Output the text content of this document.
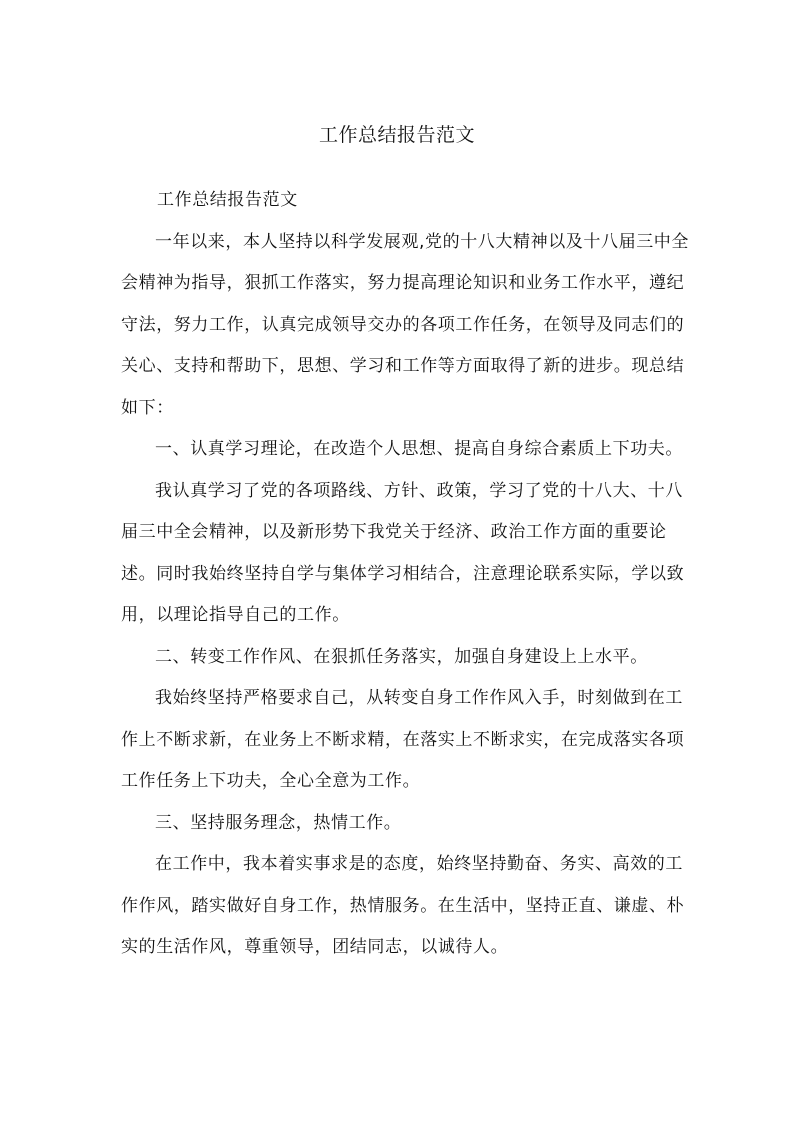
工作总结报告范文

工作总结报告范文

一年以来，本人坚持以科学发展观,党的十八大精神以及十八届三中全会精神为指导，狠抓工作落实，努力提高理论知识和业务工作水平，遵纪守法，努力工作，认真完成领导交办的各项工作任务，在领导及同志们的关心、支持和帮助下，思想、学习和工作等方面取得了新的进步。现总结如下：

一、认真学习理论，在改造个人思想、提高自身综合素质上下功夫。

我认真学习了党的各项路线、方针、政策，学习了党的十八大、十八届三中全会精神，以及新形势下我党关于经济、政治工作方面的重要论述。同时我始终坚持自学与集体学习相结合，注意理论联系实际，学以致用，以理论指导自己的工作。

二、转变工作作风、在狠抓任务落实，加强自身建设上上水平。

我始终坚持严格要求自己，从转变自身工作作风入手，时刻做到在工作上不断求新，在业务上不断求精，在落实上不断求实，在完成落实各项工作任务上下功夫，全心全意为工作。

三、坚持服务理念，热情工作。

在工作中，我本着实事求是的态度，始终坚持勤奋、务实、高效的工作作风，踏实做好自身工作，热情服务。在生活中，坚持正直、谦虚、朴实的生活作风，尊重领导，团结同志，以诚待人。
